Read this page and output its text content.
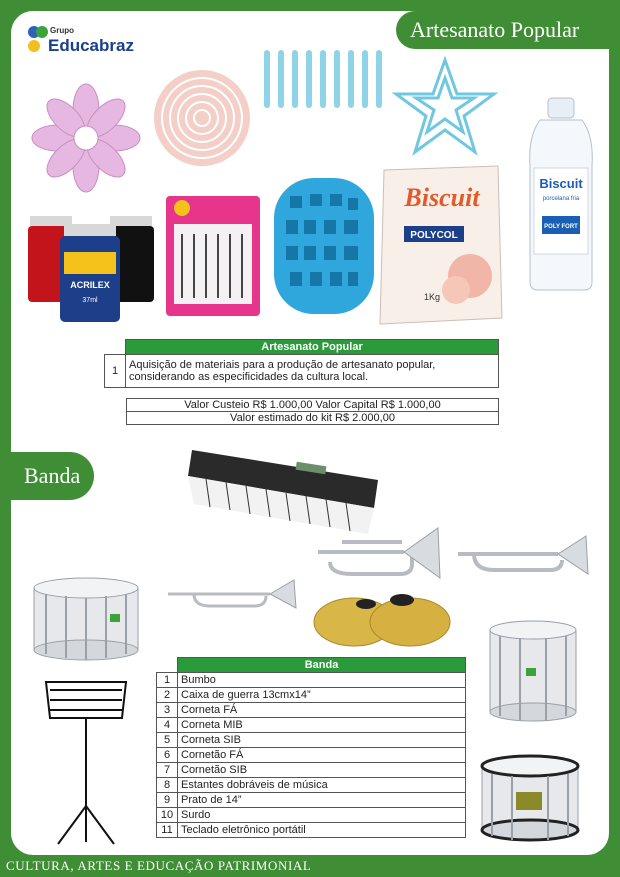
CULTURA, ARTES E EDUCAÇÃO PATRIMONIAL
Artesanato Popular
Banda
Grupo
Educabraz
Biscuit
porcelana fria
POLY FORT
ACRILEX
37ml
Biscuit
POLYCOL
1Kg
	Artesanato Popular
1	Aquisição de materiais para a produção de artesanato popular, considerando as especificidades da cultura local.
Valor Custeio R$ 1.000,00 Valor Capital R$ 1.000,00
Valor estimado do kit R$ 2.000,00
	Banda
1	Bumbo
2	Caixa de guerra 13cmx14”
3	Corneta FÁ
4	Corneta MIB
5	Corneta SIB
6	Cornetão FÁ
7	Cornetão SIB
8	Estantes dobráveis de música
9	Prato de 14”
10	Surdo
11	Teclado eletrônico portátil
